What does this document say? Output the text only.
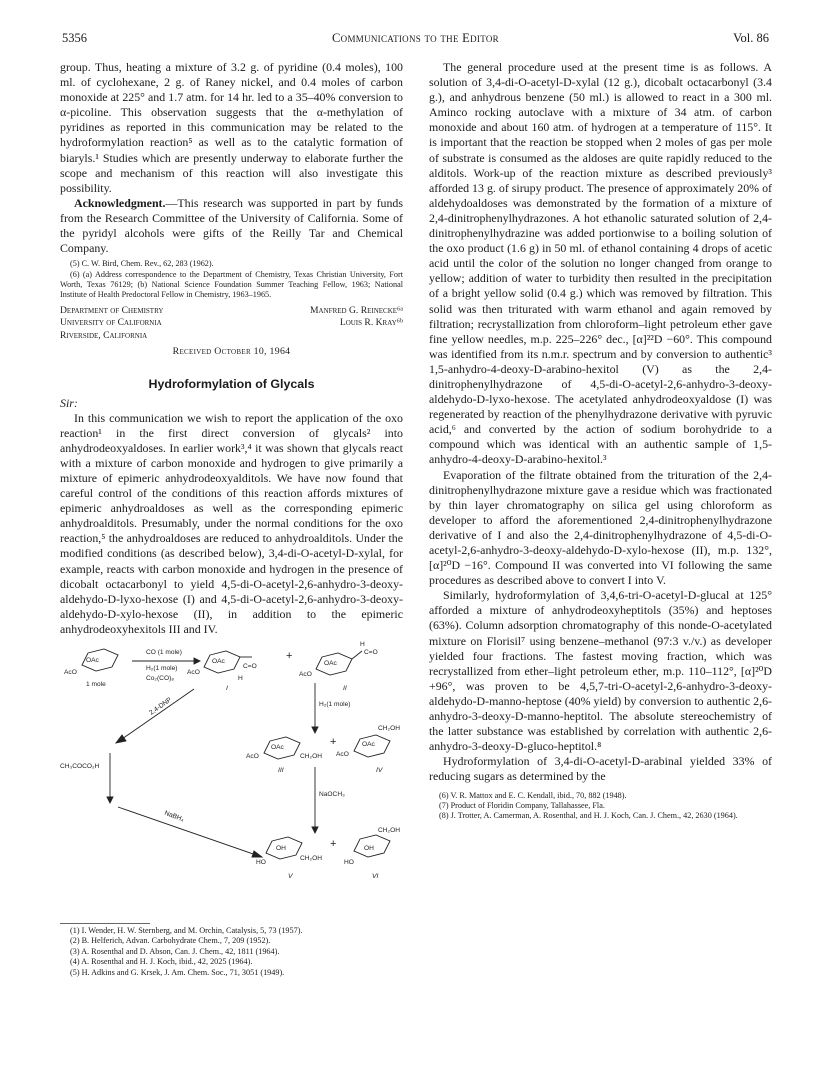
5356	Communications to the Editor	Vol. 86

group. Thus, heating a mixture of 3.2 g. of pyridine (0.4 moles), 100 ml. of cyclohexane, 2 g. of Raney nickel, and 0.4 moles of carbon monoxide at 225° and 1.7 atm. for 14 hr. led to a 35–40% conversion to α-picoline. This observation suggests that the α-methylation of pyridines as reported in this communication may be related to the hydroformylation reaction⁵ as well as to the catalytic formation of biaryls.¹ Studies which are presently underway to elaborate further the scope and mechanism of this reaction will also investigate this possibility.

Acknowledgment.—This research was supported in part by funds from the Research Committee of the University of California. Some of the pyridyl alcohols were gifts of the Reilly Tar and Chemical Company.

(5) C. W. Bird, Chem. Rev., 62, 283 (1962).

(6) (a) Address correspondence to the Department of Chemistry, Texas Christian University, Fort Worth, Texas 76129; (b) National Science Foundation Summer Teaching Fellow, 1963; National Institute of Health Predoctoral Fellow in Chemistry, 1963–1965.

Department of Chemistry	Manfred G. Reinecke⁶ᵃ
University of California	Louis R. Kray⁶ᵇ
Riverside, California
Received October 10, 1964
Hydroformylation of Glycals
Sir:

In this communication we wish to report the application of the oxo reaction¹ in the first direct conversion of glycals² into anhydrodeoxyaldoses. In earlier work³,⁴ it was shown that glycals react with a mixture of carbon monoxide and hydrogen to give primarily a mixture of epimeric anhydrodeoxyalditols. We have now found that careful control of the conditions of this reaction affords mixtures of epimeric anhydroaldoses as well as the corresponding epimeric anhydroalditols. Presumably, under the normal conditions for the oxo reaction,⁵ the anhydroaldoses are reduced to anhydroalditols. Under the modified conditions (as described below), 3,4-di-O-acetyl-D-xylal, for example, reacts with carbon monoxide and hydrogen in the presence of dicobalt octacarbonyl to yield 4,5-di-O-acetyl-2,6-anhydro-3-deoxy-aldehydo-D-lyxo-hexose (I) and 4,5-di-O-acetyl-2,6-anhydro-3-deoxy-aldehydo-D-xylo-hexose (II), in addition to the epimeric anhydrodeoxyhexitols III and IV.

AcO
OAc
1 mole
CO (1 mole)
H₂(1 mole)
Co₂(CO)₈
AcO
OAc
C=O
H
I
+
AcO
OAc
H
C=O
II
H₂(1 mole)
2,4-DNP
CH₃COCO₂H
AcO
OAc
CH₂OH
III
+
AcO
OAc
CH₂OH
IV
NaOCH₃
NaBH₄
HO
OH
CH₂OH
V
+
HO
OH
CH₂OH
VI

(1) I. Wender, H. W. Sternberg, and M. Orchin, Catalysis, 5, 73 (1957).

(2) B. Helferich, Advan. Carbohydrate Chem., 7, 209 (1952).

(3) A. Rosenthal and D. Abson, Can. J. Chem., 42, 1811 (1964).

(4) A. Rosenthal and H. J. Koch, ibid., 42, 2025 (1964).

(5) H. Adkins and G. Krsek, J. Am. Chem. Soc., 71, 3051 (1949).

The general procedure used at the present time is as follows. A solution of 3,4-di-O-acetyl-D-xylal (12 g.), dicobalt octacarbonyl (3.4 g.), and anhydrous benzene (50 ml.) is allowed to react in a 300 ml. Aminco rocking autoclave with a mixture of 34 atm. of carbon monoxide and about 160 atm. of hydrogen at a temperature of 115°. It is important that the reaction be stopped when 2 moles of gas per mole of substrate is consumed as the aldoses are quite rapidly reduced to the alditols. Work-up of the reaction mixture as described previously³ afforded 13 g. of sirupy product. The presence of approximately 20% of aldehydoaldoses was demonstrated by the formation of a mixture of 2,4-dinitrophenylhydrazones. A hot ethanolic saturated solution of 2,4-dinitrophenylhydrazine was added portionwise to a boiling solution of the oxo product (1.6 g) in 50 ml. of ethanol containing 4 drops of acetic acid until the color of the solution no longer changed from orange to yellow; addition of water to turbidity then resulted in the precipitation of a bright yellow solid (0.4 g.) which was removed by filtration. This solid was then triturated with warm ethanol and again removed by filtration; recrystallization from chloroform–light petroleum ether gave fine yellow needles, m.p. 225–226° dec., [α]²²D −60°. This compound was identified from its n.m.r. spectrum and by conversion to authentic³ 1,5-anhydro-4-deoxy-D-arabino-hexitol (V) as the 2,4-dinitrophenylhydrazone of 4,5-di-O-acetyl-2,6-anhydro-3-deoxy-aldehydo-D-lyxo-hexose. The acetylated anhydrodeoxyaldose (I) was regenerated by reaction of the phenylhydrazone derivative with pyruvic acid,⁶ and converted by the action of sodium borohydride to a compound which was identical with an authentic sample of 1,5-anhydro-4-deoxy-D-arabino-hexitol.³

Evaporation of the filtrate obtained from the trituration of the 2,4-dinitrophenylhydrazone mixture gave a residue which was fractionated by thin layer chromatography on silica gel using chloroform as developer to afford the aforementioned 2,4-dinitrophenylhydrazone derivative of I and also the 2,4-dinitrophenylhydrazone of 4,5-di-O-acetyl-2,6-anhydro-3-deoxy-aldehydo-D-xylo-hexose (II), m.p. 132°, [α]²⁰D −16°. Compound II was converted into VI following the same procedures as described above to convert I into V.

Similarly, hydroformylation of 3,4,6-tri-O-acetyl-D-glucal at 125° afforded a mixture of anhydrodeoxyheptitols (35%) and heptoses (63%). Column adsorption chromatography of this nonde-O-acetylated mixture on Florisil⁷ using benzene–methanol (97:3 v./v.) as developer yielded four fractions. The fastest moving fraction, which was recrystallized from ether–light petroleum ether, m.p. 110–112°, [α]²⁰D +96°, was proven to be 4,5,7-tri-O-acetyl-2,6-anhydro-3-deoxy-aldehydo-D-manno-heptose (40% yield) by conversion to authentic 2,6-anhydro-3-deoxy-D-manno-heptitol. The absolute stereochemistry of the latter substance was established by correlation with authentic 2,6-anhydro-3-deoxy-D-gluco-heptitol.⁸

Hydroformylation of 3,4-di-O-acetyl-D-arabinal yielded 33% of reducing sugars as determined by the

(6) V. R. Mattox and E. C. Kendall, ibid., 70, 882 (1948).

(7) Product of Floridin Company, Tallahassee, Fla.

(8) J. Trotter, A. Camerman, A. Rosenthal, and H. J. Koch, Can. J. Chem., 42, 2630 (1964).
